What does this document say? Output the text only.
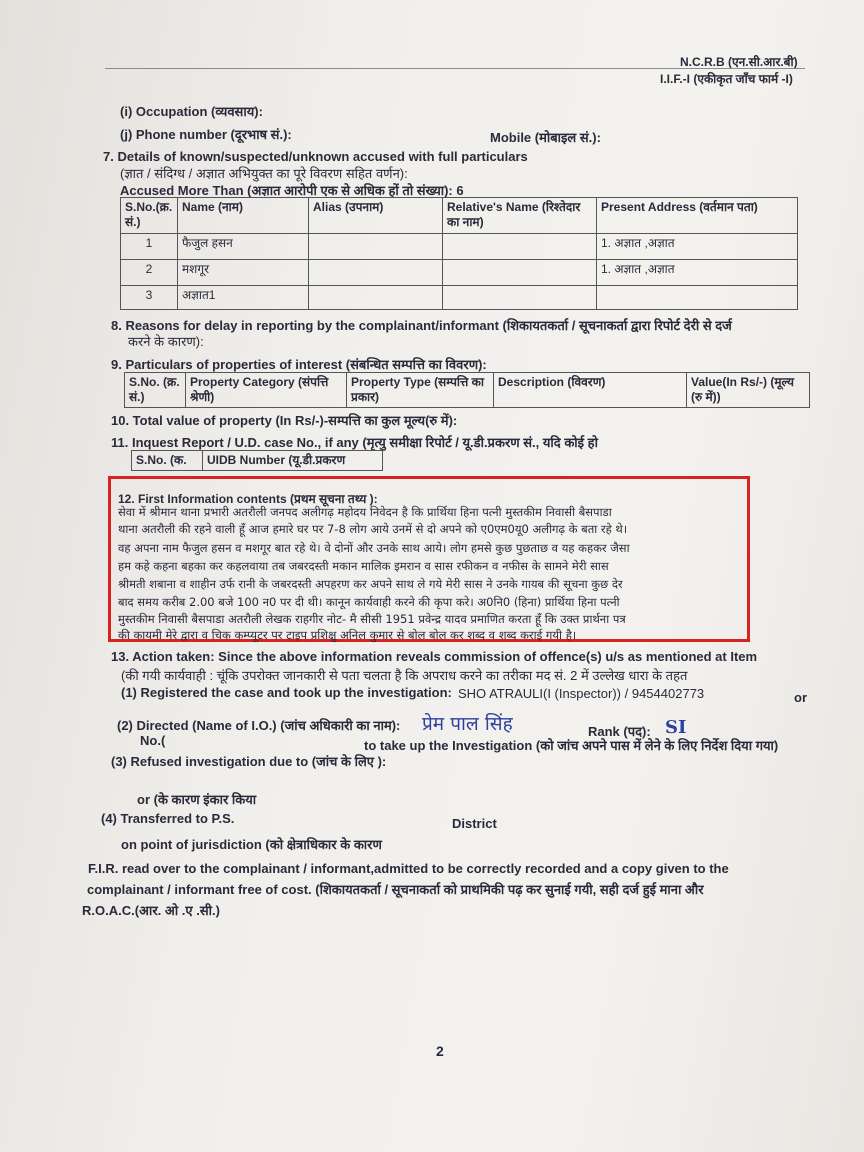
N.C.R.B (एन.सी.आर.बी)
I.I.F.-I (एकीकृत जाँच फार्म -I)
(i) Occupation (व्यवसाय):
(j) Phone number (दूरभाष सं.):	Mobile (मोबाइल सं.):
7. Details of known/suspected/unknown accused with full particulars
(ज्ञात / संदिग्ध / अज्ञात अभियुक्त का पूरे विवरण सहित वर्णन):
Accused More Than (अज्ञात आरोपी एक से अधिक हों तो संख्या): 6
S.No.(क्र. सं.)	Name (नाम)	Alias (उपनाम)	Relative's Name (रिश्तेदार का नाम)	Present Address (वर्तमान पता)
1	फैजुल हसन			1. अज्ञात ,अज्ञात
2	मशगूर			1. अज्ञात ,अज्ञात
3	अज्ञात1			
8. Reasons for delay in reporting by the complainant/informant (शिकायतकर्ता / सूचनाकर्ता द्वारा रिपोर्ट देरी से दर्ज
करने के कारण):
9. Particulars of properties of interest (संबन्धित सम्पत्ति का विवरण):
S.No. (क्र. सं.)	Property Category (संपत्ति श्रेणी)	Property Type (सम्पत्ति का प्रकार)	Description (विवरण)	Value(In Rs/-) (मूल्य (रु में))
10. Total value of property (In Rs/-)-सम्पत्ति का कुल मूल्य(रु में):
11. Inquest Report / U.D. case No., if any (मृत्यु समीक्षा रिपोर्ट / यू.डी.प्रकरण सं., यदि कोई हो
S.No. (क.	UIDB Number (यू.डी.प्रकरण
12. First Information contents (प्रथम सूचना तथ्य ):
सेवा में श्रीमान थाना प्रभारी अतरौली जनपद अलीगढ़ महोदय निवेदन है कि प्रार्थिया हिना पत्नी मुस्तकीम निवासी बैसपाडा
थाना अतरौली की रहने वाली हूँ आज हमारे घर पर 7-8 लोग आये उनमें से दो अपने को ए0एम0यू0 अलीगढ़ के बता रहे थे।
वह अपना नाम फैजुल हसन व मशगूर बात रहे थे। वे दोनों और उनके साथ आये। लोग हमसे कुछ पुछताछ व यह कहकर जैसा
हम कहे कहना बहका कर कहलवाया तब जबरदस्ती मकान मालिक इमरान व सास रफीकन व नफीस के सामने मेरी सास
श्रीमती शबाना व शाहीन उर्फ रानी के जबरदस्ती अपहरण कर अपने साथ ले गये मेरी सास ने उनके गायब की सूचना कुछ देर
बाद समय करीब 2.00 बजे 100 न0 पर दी थी। कानून कार्यवाही करने की कृपा करे। अ0नि0 (हिना) प्रार्थिया हिना पत्नी
मुस्तकीम निवासी बैसपाडा अतरौली लेखक राहगीर नोट- मै सीसी 1951 प्रवेन्द्र यादव प्रमाणित करता हूँ कि उक्त प्रार्थना पत्र
की कायमी मेरे द्वारा व चिक कम्प्यूटर पर टाइप प्रशिक्षु अनिल कुमार से बोल बोल कर शब्द व शब्द कराई गयी है।
13. Action taken: Since the above information reveals commission of offence(s) u/s as mentioned at Item
(की गयी कार्यवाही : चूंकि उपरोक्त जानकारी से पता चलता है कि अपराध करने का तरीका मद सं. 2 में उल्लेख धारा के तहत
(1) Registered the case and took up the investigation: SHO ATRAULI(I (Inspector)) / 9454402773	or
(2) Directed (Name of I.O.) (जांच अधिकारी का नाम): प्रेम पाल सिंह	Rank (पद): SI
No.(	to take up the Investigation (को जांच अपने पास में लेने के लिए निर्देश दिया गया)
(3) Refused investigation due to (जांच के लिए ):
or (के कारण इंकार किया
(4) Transferred to P.S.	District
on point of jurisdiction (को क्षेत्राधिकार के कारण
F.I.R. read over to the complainant / informant,admitted to be correctly recorded and a copy given to the
complainant / informant free of cost. (शिकायतकर्ता / सूचनाकर्ता को प्राथमिकी पढ़ कर सुनाई गयी, सही दर्ज हुई माना और
R.O.A.C.(आर. ओ .ए .सी.)
2
